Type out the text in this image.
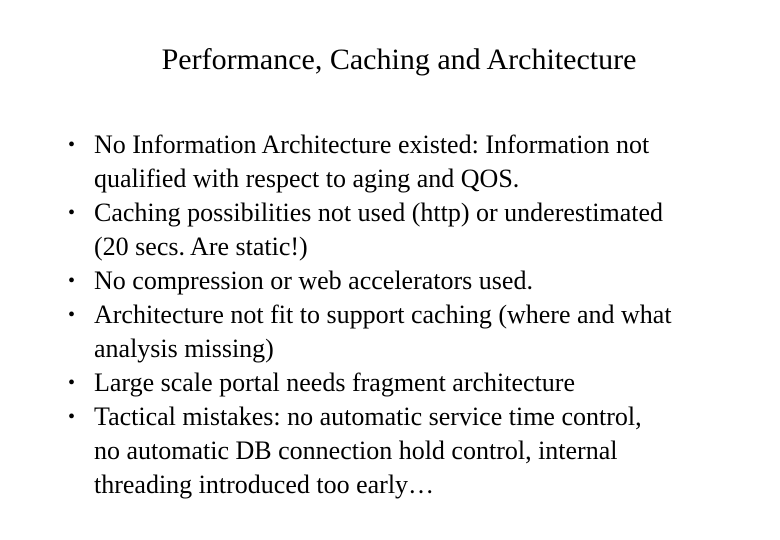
Performance, Caching and Architecture
• No Information Architecture existed: Information not
qualified with respect to aging and QOS.
• Caching possibilities not used (http) or underestimated
(20 secs. Are static!)
• No compression or web accelerators used.
• Architecture not fit to support caching (where and what
analysis missing)
• Large scale portal needs fragment architecture
• Tactical mistakes: no automatic service time control,
no automatic DB connection hold control, internal
threading introduced too early…
